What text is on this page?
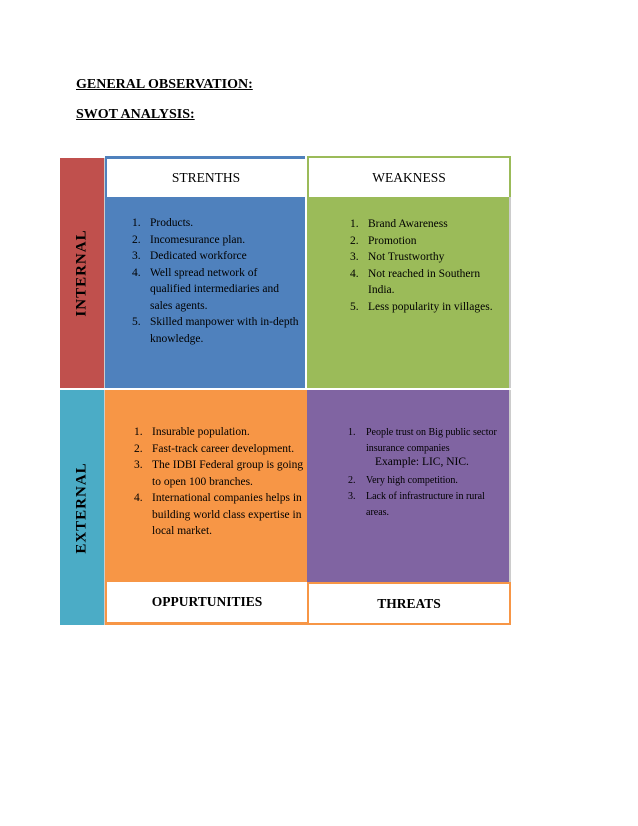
GENERAL OBSERVATION:
SWOT ANALYSIS:
INTERNAL
EXTERNAL
STRENTHS	WEAKNESS
OPPURTUNITIES	THREATS
1. Products.
2. Incomesurance plan.
3. Dedicated workforce
4. Well spread network of qualified intermediaries and sales agents.
5. Skilled manpower with in-depth knowledge.
1. Brand Awareness
2. Promotion
3. Not Trustworthy
4. Not reached in Southern India.
5. Less popularity in villages.
1. Insurable population.
2. Fast-track career development.
3. The IDBI Federal group is going to open 100 branches.
4. International companies helps in building world class expertise in local market.
1. People trust on Big public sector insurance companies
2. Very high competition.
3. Lack of infrastructure in rural areas.
Example: LIC, NIC.
